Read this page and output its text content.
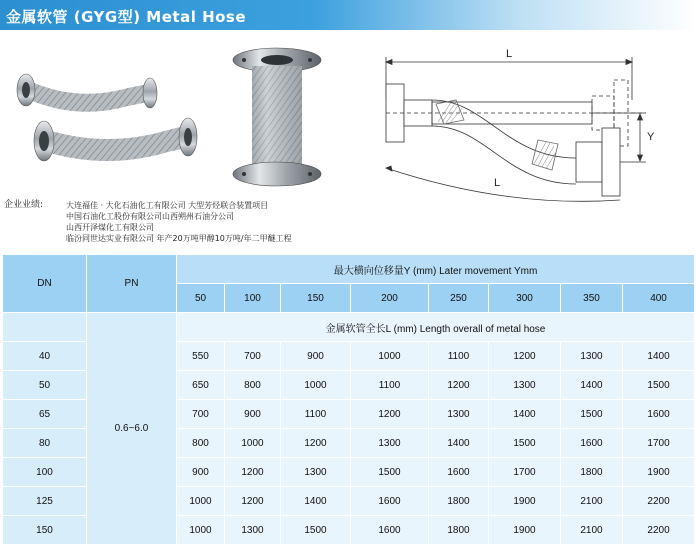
金属软管 (GYG型) Metal Hose
企业业绩:	大连福佳 · 大化石油化工有限公司 大型芳烃联合装置项目
中国石油化工股份有限公司山西朔州石油分公司
山西开泽煤化工有限公司
临汾同世达实业有限公司 年产20万吨甲醇10万吨/年二甲醚工程
L
Y
L
DN	PN	最大横向位移量Y (mm) Later movement Ymm							
		50	100	150	200	250	300	350	400
	0.6~6.0	金属软管全长L (mm) Length overall of metal hose							
40		550	700	900	1000	1100	1200	1300	1400
50		650	800	1000	1100	1200	1300	1400	1500
65		700	900	1100	1200	1300	1400	1500	1600
80		800	1000	1200	1300	1400	1500	1600	1700
100		900	1200	1300	1500	1600	1700	1800	1900
125		1000	1200	1400	1600	1800	1900	2100	2200
150		1000	1300	1500	1600	1800	1900	2100	2200
